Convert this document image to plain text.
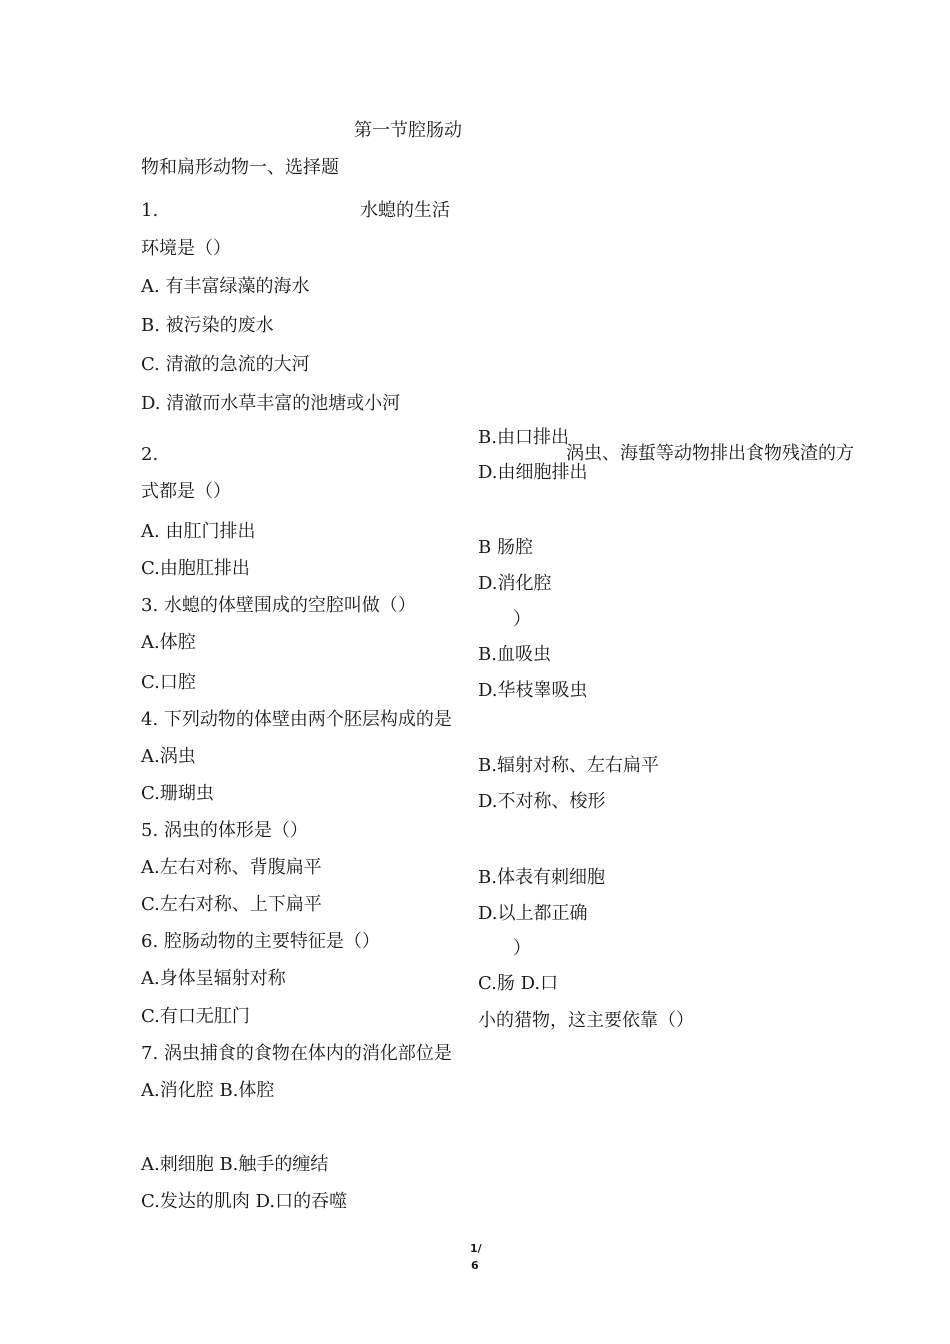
第一节腔肠动

物和扁形动物一、选择题

1.	水螅的生活

环境是（）

A. 有丰富绿藻的海水

B. 被污染的废水

C. 清澈的急流的大河

D. 清澈而水草丰富的池塘或小河

B.由口排出

2.	涡虫、海蜇等动物排出食物残渣的方

D.由细胞排出

式都是（）

A. 由肛门排出

B 肠腔

C.由胞肛排出

D.消化腔

3. 水螅的体壁围成的空腔叫做（）

）

A.体腔

B.血吸虫

C.口腔	D.华枝睾吸虫

4. 下列动物的体壁由两个胚层构成的是

A.涡虫	B.辐射对称、左右扁平

C.珊瑚虫	D.不对称、梭形

5. 涡虫的体形是（）

A.左右对称、背腹扁平	B.体表有刺细胞

C.左右对称、上下扁平	D.以上都正确

6. 腔肠动物的主要特征是（）	）

A.身体呈辐射对称	C.肠 D.口

C.有口无肛门	小的猎物，这主要依靠（）

7. 涡虫捕食的食物在体内的消化部位是

A.消化腔 B.体腔

A.刺细胞 B.触手的缠结

C.发达的肌肉 D.口的吞噬

1/
6
